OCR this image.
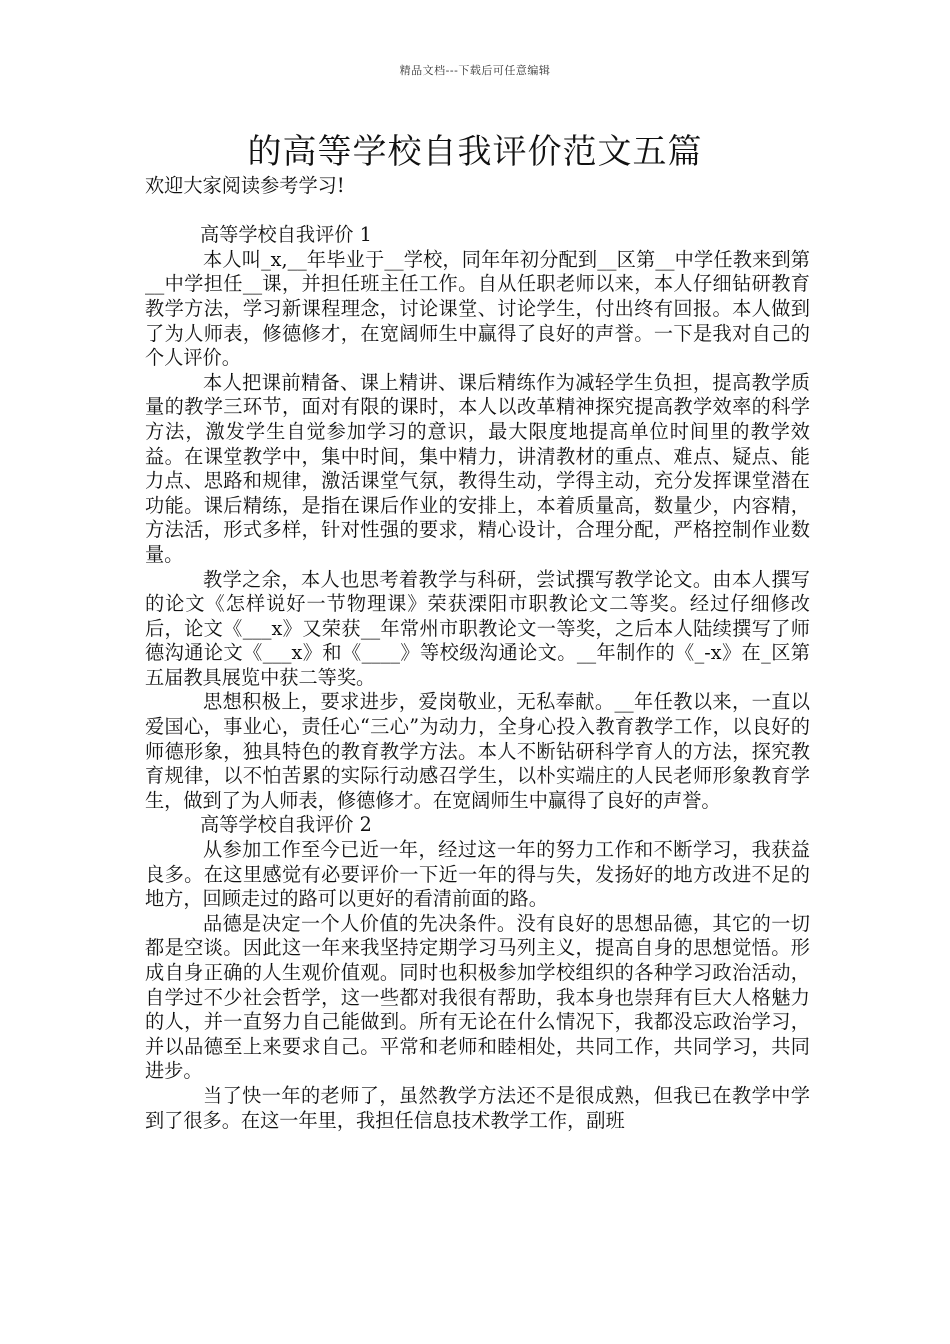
精品文档---下载后可任意编辑
的高等学校自我评价范文五篇

欢迎大家阅读参考学习!

高等学校自我评价 1

本人叫_x,__年毕业于__学校，同年年初分配到__区第__中学任教来到第__中学担任__课，并担任班主任工作。自从任职老师以来，本人仔细钻研教育教学方法，学习新课程理念，讨论课堂、讨论学生，付出终有回报。本人做到了为人师表，修德修才，在宽阔师生中赢得了良好的声誉。一下是我对自己的个人评价。

本人把课前精备、课上精讲、课后精练作为减轻学生负担，提高教学质量的教学三环节，面对有限的课时，本人以改革精神探究提高教学效率的科学方法，激发学生自觉参加学习的意识，最大限度地提高单位时间里的教学效益。在课堂教学中，集中时间，集中精力，讲清教材的重点、难点、疑点、能力点、思路和规律，激活课堂气氛，教得生动，学得主动，充分发挥课堂潜在功能。课后精练，是指在课后作业的安排上，本着质量高，数量少，内容精，方法活，形式多样，针对性强的要求，精心设计，合理分配，严格控制作业数量。

教学之余，本人也思考着教学与科研，尝试撰写教学论文。由本人撰写的论文《怎样说好一节物理课》荣获溧阳市职教论文二等奖。经过仔细修改后，论文《___x》又荣获__年常州市职教论文一等奖，之后本人陆续撰写了师德沟通论文《___x》和《____》等校级沟通论文。__年制作的《_-x》在_区第五届教具展览中获二等奖。

思想积极上，要求进步，爱岗敬业，无私奉献。__年任教以来，一直以爱国心，事业心，责任心“三心”为动力，全身心投入教育教学工作，以良好的师德形象，独具特色的教育教学方法。本人不断钻研科学育人的方法，探究教育规律，以不怕苦累的实际行动感召学生，以朴实端庄的人民老师形象教育学生，做到了为人师表，修德修才。在宽阔师生中赢得了良好的声誉。

高等学校自我评价 2

从参加工作至今已近一年，经过这一年的努力工作和不断学习，我获益良多。在这里感觉有必要评价一下近一年的得与失，发扬好的地方改进不足的地方，回顾走过的路可以更好的看清前面的路。

品德是决定一个人价值的先决条件。没有良好的思想品德，其它的一切都是空谈。因此这一年来我坚持定期学习马列主义，提高自身的思想觉悟。形成自身正确的人生观价值观。同时也积极参加学校组织的各种学习政治活动，自学过不少社会哲学，这一些都对我很有帮助，我本身也崇拜有巨大人格魅力的人，并一直努力自己能做到。所有无论在什么情况下，我都没忘政治学习，并以品德至上来要求自己。平常和老师和睦相处，共同工作，共同学习，共同进步。

当了快一年的老师了，虽然教学方法还不是很成熟，但我已在教学中学到了很多。在这一年里，我担任信息技术教学工作，副班
